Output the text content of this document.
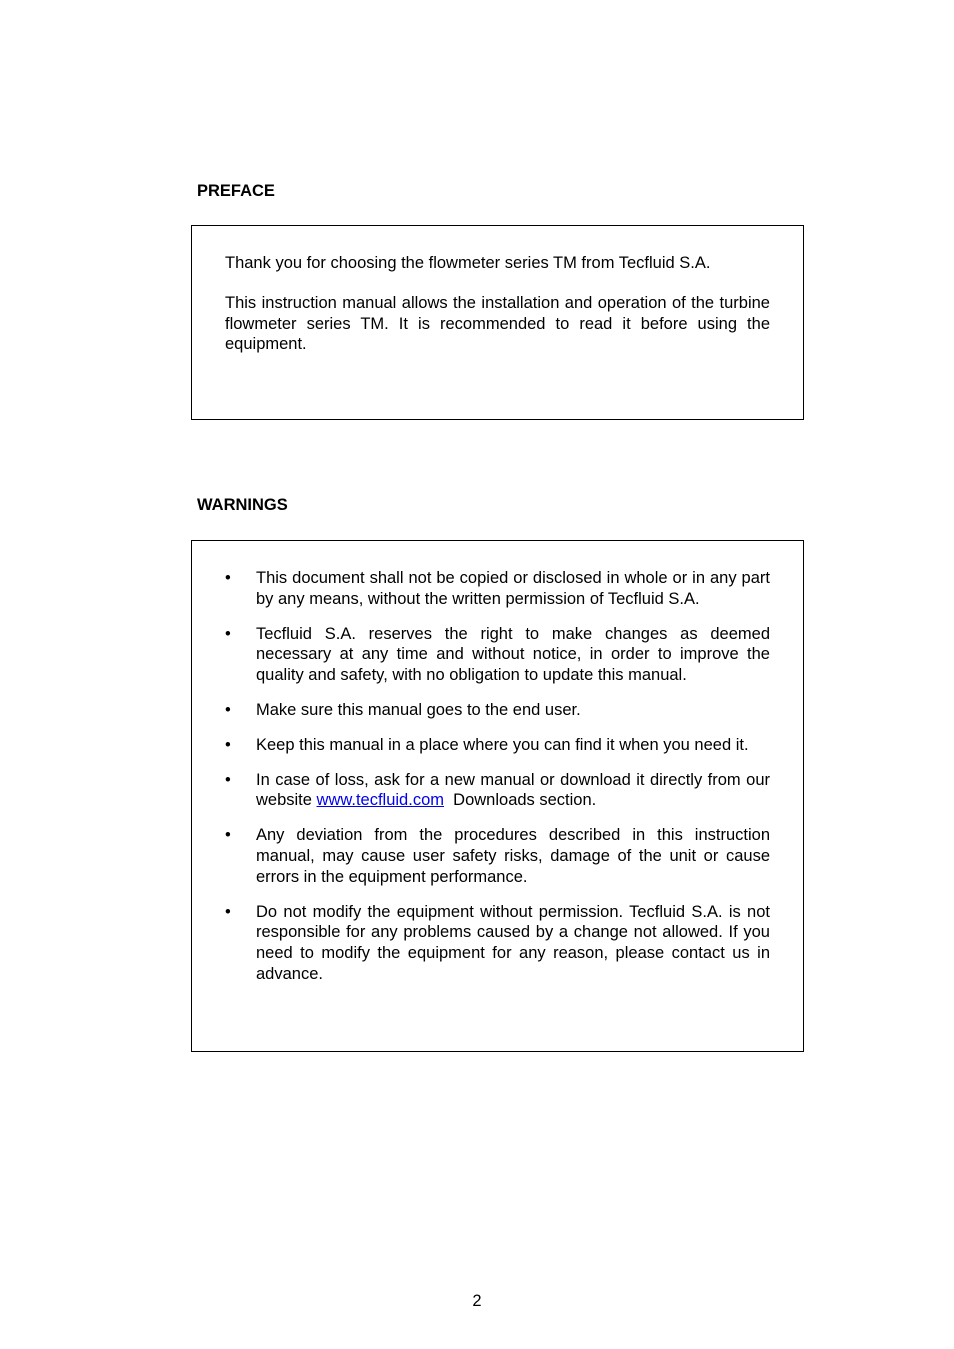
PREFACE

Thank you for choosing the flowmeter series TM from Tecfluid S.A.

This instruction manual allows the installation and operation of the turbine flowmeter series TM. It is recommended to read it before using the equipment.

WARNINGS
•	This document shall not be copied or disclosed in whole or in any part by any means, without the written permission of Tecfluid S.A.
•	Tecfluid S.A. reserves the right to make changes as deemed necessary at any time and without notice, in order to improve the quality and safety, with no obligation to update this manual.
•	Make sure this manual goes to the end user.
•	Keep this manual in a place where you can find it when you need it.
•	In case of loss, ask for a new manual or download it directly from our website www.tecfluid.com  Downloads section.
•	Any deviation from the procedures described in this instruction manual, may cause user safety risks, damage of the unit or cause errors in the equipment performance.
•	Do not modify the equipment without permission. Tecfluid S.A. is not responsible for any problems caused by a change not allowed. If you need to modify the equipment for any reason, please contact us in advance.

2
